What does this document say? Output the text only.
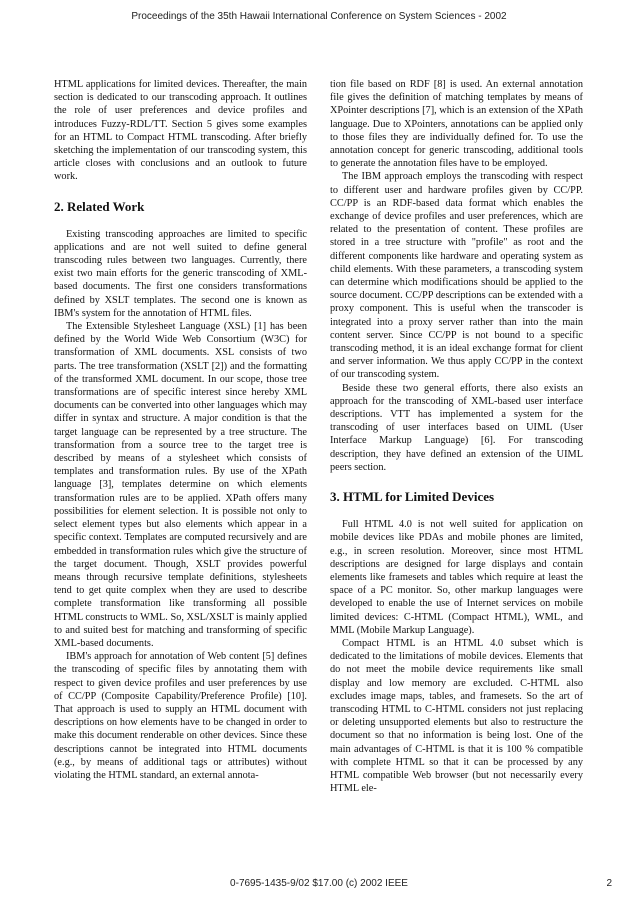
Proceedings of the 35th Hawaii International Conference on System Sciences - 2002

HTML applications for limited devices. Thereafter, the main section is dedicated to our transcoding approach. It outlines the role of user preferences and device profiles and introduces Fuzzy-RDL/TT. Section 5 gives some examples for an HTML to Compact HTML transcoding. After briefly sketching the implementation of our transcoding system, this article closes with conclusions and an outlook to future work.

2. Related Work

Existing transcoding approaches are limited to specific applications and are not well suited to define general transcoding rules between two languages. Currently, there exist two main efforts for the generic transcoding of XML-based documents. The first one considers transformations defined by XSLT templates. The second one is known as IBM's system for the annotation of HTML files.

The Extensible Stylesheet Language (XSL) [1] has been defined by the World Wide Web Consortium (W3C) for transformation of XML documents. XSL consists of two parts. The tree transformation (XSLT [2]) and the formatting of the transformed XML document. In our scope, those tree transformations are of specific interest since hereby XML documents can be converted into other languages which may differ in syntax and structure. A major condition is that the target language can be represented by a tree structure. The transformation from a source tree to the target tree is described by means of a stylesheet which consists of templates and transformation rules. By use of the XPath language [3], templates determine on which elements transformation rules are to be applied. XPath offers many possibilities for element selection. It is possible not only to select element types but also elements which appear in a specific context. Templates are computed recursively and are embedded in transformation rules which give the structure of the target document. Though, XSLT provides powerful means through recursive template definitions, stylesheets tend to get quite complex when they are used to describe complete transformation like transforming all possible HTML constructs to WML. So, XSL/XSLT is mainly applied to and suited best for matching and transforming of specific XML-based documents.

IBM's approach for annotation of Web content [5] defines the transcoding of specific files by annotating them with respect to given device profiles and user preferences by use of CC/PP (Composite Capability/Preference Profile) [10]. That approach is used to supply an HTML document with descriptions on how elements have to be changed in order to make this document renderable on other devices. Since these descriptions cannot be integrated into HTML documents (e.g., by means of additional tags or attributes) without violating the HTML standard, an external annota-

tion file based on RDF [8] is used. An external annotation file gives the definition of matching templates by means of XPointer descriptions [7], which is an extension of the XPath language. Due to XPointers, annotations can be applied only to those files they are individually defined for. To use the annotation concept for generic transcoding, additional tools to generate the annotation files have to be employed.

The IBM approach employs the transcoding with respect to different user and hardware profiles given by CC/PP. CC/PP is an RDF-based data format which enables the exchange of device profiles and user preferences, which are related to the presentation of content. These profiles are stored in a tree structure with "profile" as root and the different components like hardware and operating system as child elements. With these parameters, a transcoding system can determine which modifications should be applied to the source document. CC/PP descriptions can be extended with a proxy component. This is useful when the transcoder is integrated into a proxy server rather than into the main content server. Since CC/PP is not bound to a specific transcoding method, it is an ideal exchange format for client and server information. We thus apply CC/PP in the context of our transcoding system.

Beside these two general efforts, there also exists an approach for the transcoding of XML-based user interface descriptions. VTT has implemented a system for the transcoding of user interfaces based on UIML (User Interface Markup Language) [6]. For transcoding description, they have defined an extension of the UIML peers section.

3. HTML for Limited Devices

Full HTML 4.0 is not well suited for application on mobile devices like PDAs and mobile phones are limited, e.g., in screen resolution. Moreover, since most HTML descriptions are designed for large displays and contain elements like framesets and tables which require at least the space of a PC monitor. So, other markup languages were developed to enable the use of Internet services on mobile limited devices: C-HTML (Compact HTML), WML, and MML (Mobile Markup Language).

Compact HTML is an HTML 4.0 subset which is dedicated to the limitations of mobile devices. Elements that do not meet the mobile device requirements like small display and low memory are excluded. C-HTML also excludes image maps, tables, and framesets. So the art of transcoding HTML to C-HTML considers not just replacing or deleting unsupported elements but also to restructure the document so that no information is being lost. One of the main advantages of C-HTML is that it is 100 % compatible with complete HTML so that it can be processed by any HTML compatible Web browser (but not necessarily every HTML ele-

0-7695-1435-9/02 $17.00 (c) 2002 IEEE	2
